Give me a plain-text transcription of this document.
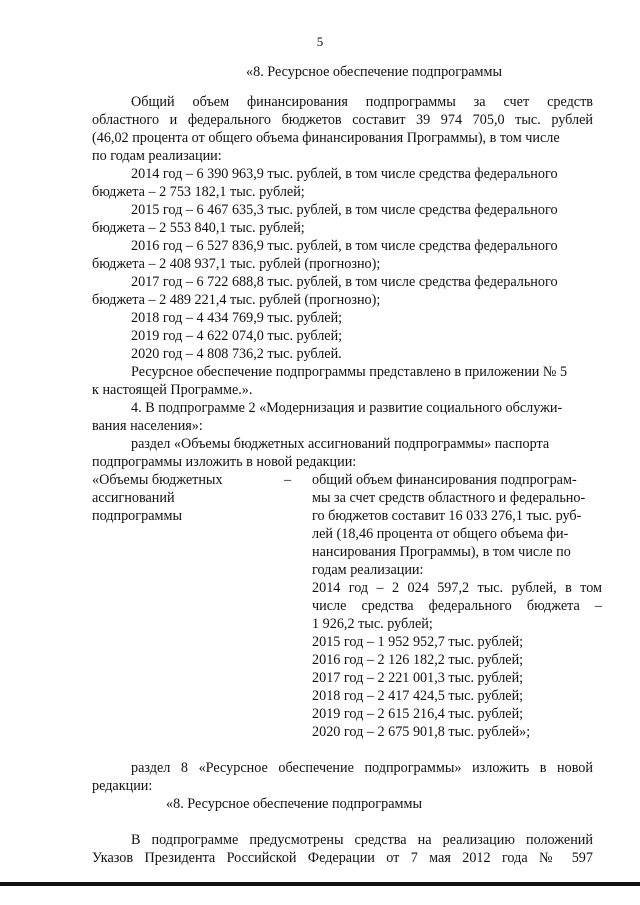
5
«8. Ресурсное обеспечение подпрограммы
Общий объем финансирования подпрограммы за счет средств
областного и федерального бюджетов составит 39 974 705,0 тыс. рублей
(46,02 процента от общего объема финансирования Программы), в том числе
по годам реализации:
2014 год – 6 390 963,9 тыс. рублей, в том числе средства федерального
бюджета – 2 753 182,1 тыс. рублей;
2015 год – 6 467 635,3 тыс. рублей, в том числе средства федерального
бюджета – 2 553 840,1 тыс. рублей;
2016 год – 6 527 836,9 тыс. рублей, в том числе средства федерального
бюджета – 2 408 937,1 тыс. рублей (прогнозно);
2017 год – 6 722 688,8 тыс. рублей, в том числе средства федерального
бюджета – 2 489 221,4 тыс. рублей (прогнозно);
2018 год – 4 434 769,9 тыс. рублей;
2019 год – 4 622 074,0 тыс. рублей;
2020 год – 4 808 736,2 тыс. рублей.
Ресурсное обеспечение подпрограммы представлено в приложении № 5
к настоящей Программе.».
4. В подпрограмме 2 «Модернизация и развитие социального обслужи-
вания населения»:
раздел «Объемы бюджетных ассигнований подпрограммы» паспорта
подпрограммы изложить в новой редакции:
«Объемы бюджетных
ассигнований
подпрограммы
– общий объем финансирования подпрограм-
мы за счет средств областного и федерально-
го бюджетов составит 16 033 276,1 тыс. руб-
лей (18,46 процента от общего объема фи-
нансирования Программы), в том числе по
годам реализации:
2014 год – 2 024 597,2 тыс. рублей, в том
числе средства федерального бюджета –
1 926,2 тыс. рублей;
2015 год – 1 952 952,7 тыс. рублей;
2016 год – 2 126 182,2 тыс. рублей;
2017 год – 2 221 001,3 тыс. рублей;
2018 год – 2 417 424,5 тыс. рублей;
2019 год – 2 615 216,4 тыс. рублей;
2020 год – 2 675 901,8 тыс. рублей»;
раздел 8 «Ресурсное обеспечение подпрограммы» изложить в новой
редакции:
«8. Ресурсное обеспечение подпрограммы
В подпрограмме предусмотрены средства на реализацию положений
Указов Президента Российской Федерации от 7 мая 2012 года № 597
